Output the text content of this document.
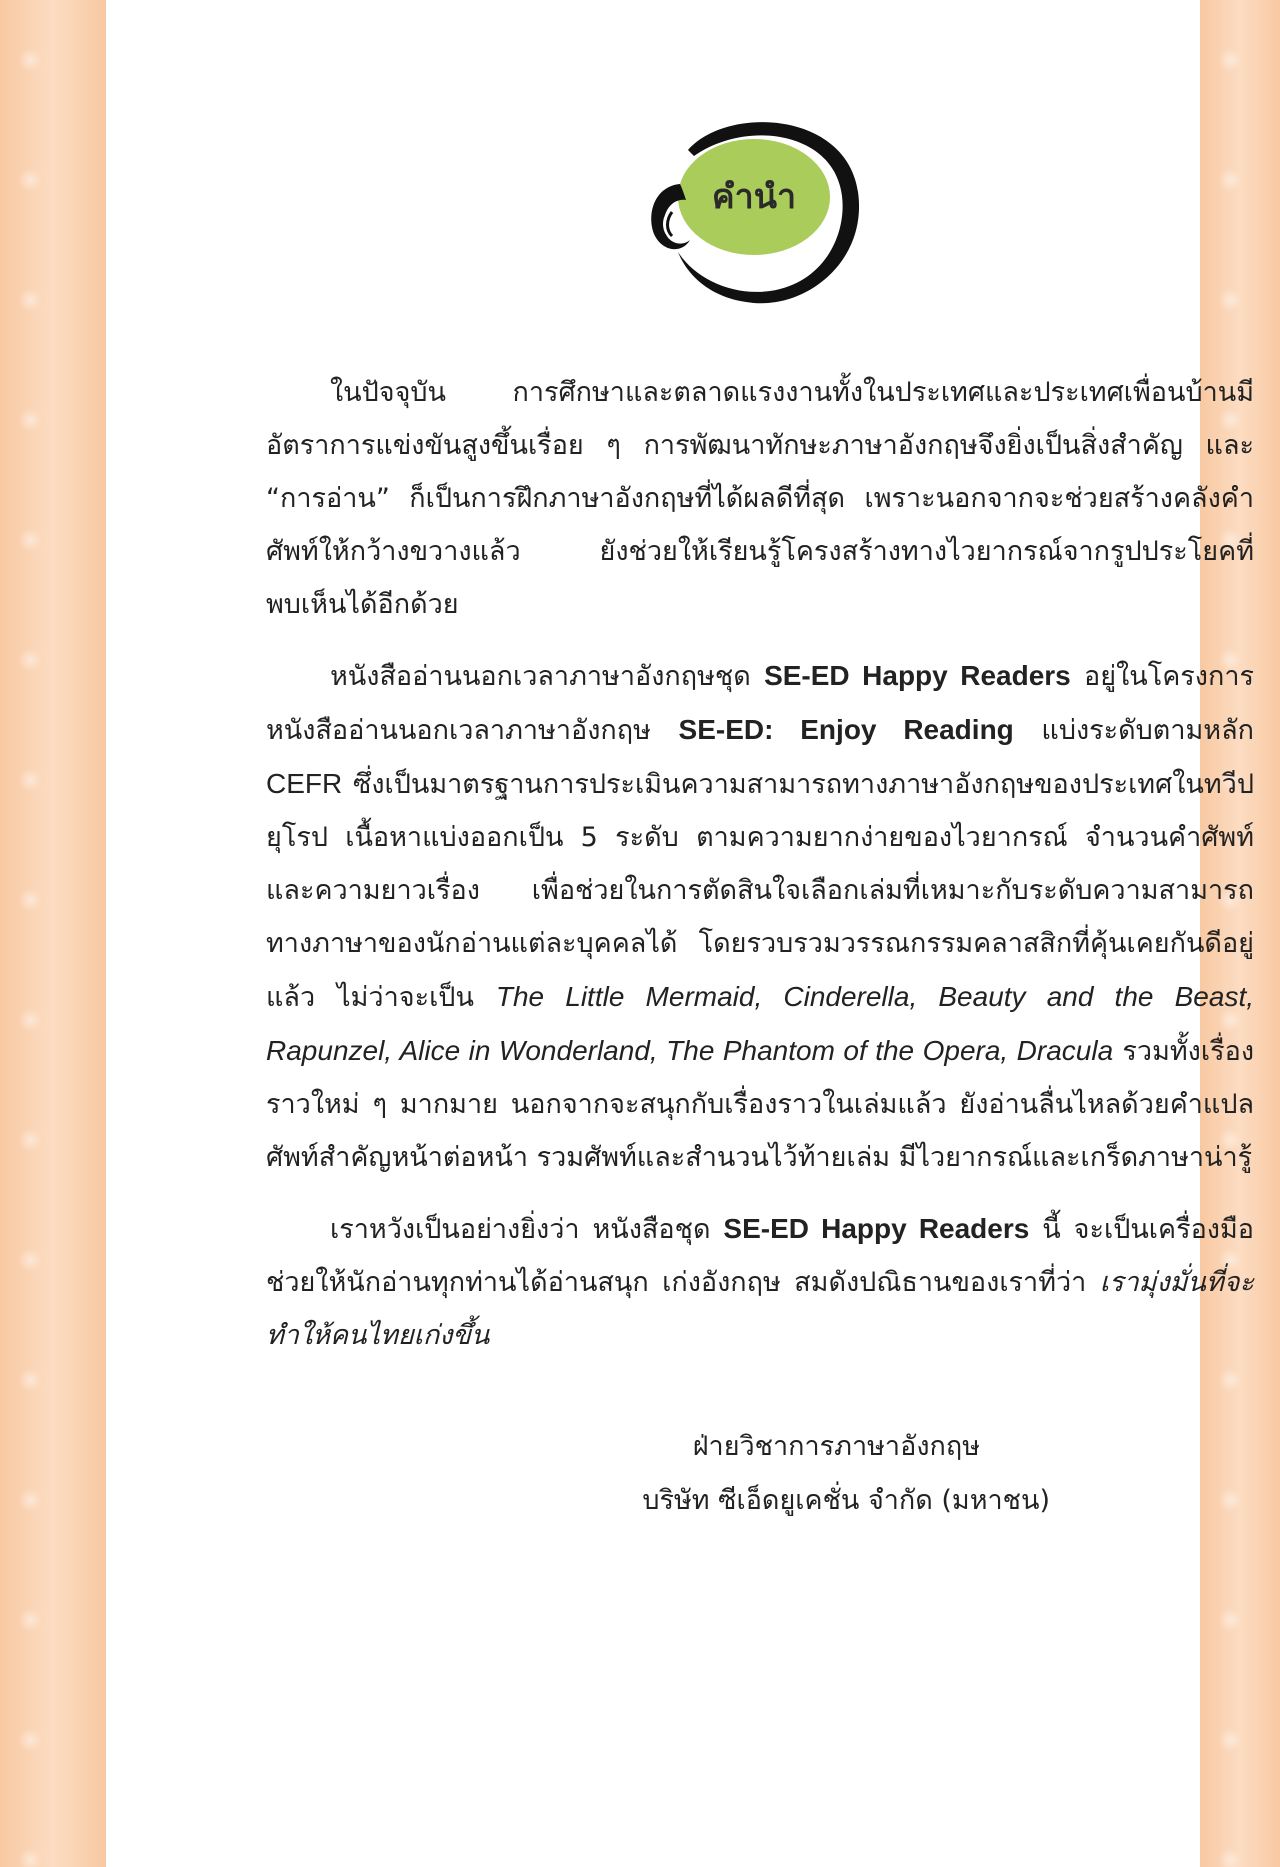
คำนำ

ในปัจจุบัน การศึกษาและตลาดแรงงานทั้งในประเทศและประเทศเพื่อนบ้านมีอัตราการแข่งขันสูงขึ้นเรื่อย ๆ การพัฒนาทักษะภาษาอังกฤษจึงยิ่งเป็นสิ่งสำคัญ และ “การอ่าน” ก็เป็นการฝึกภาษาอังกฤษที่ได้ผลดีที่สุด เพราะนอกจากจะช่วยสร้างคลังคำศัพท์ให้กว้างขวางแล้ว ยังช่วยให้เรียนรู้โครงสร้างทางไวยากรณ์จากรูปประโยคที่พบเห็นได้อีกด้วย

หนังสืออ่านนอกเวลาภาษาอังกฤษชุด SE-ED Happy Readers อยู่ในโครงการหนังสืออ่านนอกเวลาภาษาอังกฤษ SE-ED: Enjoy Reading แบ่งระดับตามหลัก CEFR ซึ่งเป็นมาตรฐานการประเมินความสามารถทางภาษาอังกฤษของประเทศในทวีปยุโรป เนื้อหาแบ่งออกเป็น 5 ระดับ ตามความยากง่ายของไวยากรณ์ จำนวนคำศัพท์และความยาวเรื่อง เพื่อช่วยในการตัดสินใจเลือกเล่มที่เหมาะกับระดับความสามารถทางภาษาของนักอ่านแต่ละบุคคลได้ โดยรวบรวมวรรณกรรมคลาสสิกที่คุ้นเคยกันดีอยู่แล้ว ไม่ว่าจะเป็น The Little Mermaid, Cinderella, Beauty and the Beast, Rapunzel, Alice in Wonderland, The Phantom of the Opera, Dracula รวมทั้งเรื่องราวใหม่ ๆ มากมาย นอกจากจะสนุกกับเรื่องราวในเล่มแล้ว ยังอ่านลื่นไหลด้วยคำแปลศัพท์สำคัญหน้าต่อหน้า รวมศัพท์และสำนวนไว้ท้ายเล่ม มีไวยากรณ์และเกร็ดภาษาน่ารู้

เราหวังเป็นอย่างยิ่งว่า หนังสือชุด SE-ED Happy Readers นี้ จะเป็นเครื่องมือช่วยให้นักอ่านทุกท่านได้อ่านสนุก เก่งอังกฤษ สมดังปณิธานของเราที่ว่า เรามุ่งมั่นที่จะทำให้คนไทยเก่งขึ้น

ฝ่ายวิชาการภาษาอังกฤษ
บริษัท ซีเอ็ดยูเคชั่น จำกัด (มหาชน)
